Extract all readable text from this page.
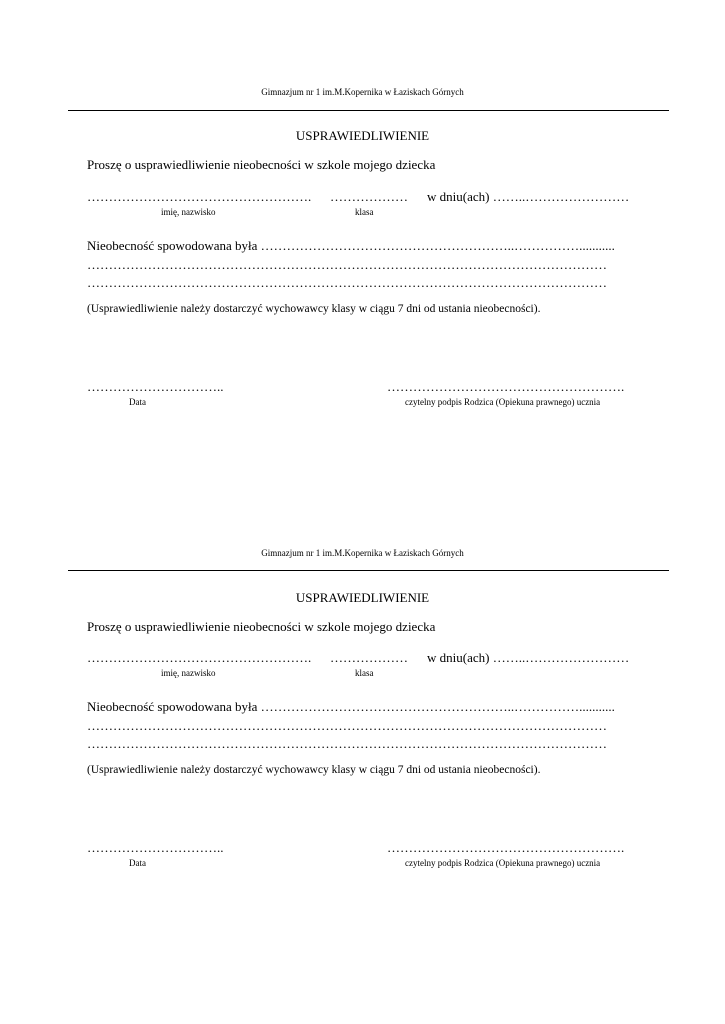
Gimnazjum nr 1 im.M.Kopernika w Łaziskach Górnych
USPRAWIEDLIWIENIE
Proszę o usprawiedliwienie nieobecności w szkole mojego dziecka
……………………………………………. ……………… w dniu(ach) ……..……………………
imię, nazwisko	klasa
Nieobecność spowodowana była …………………………………………………..……………...........
…………………………………………………………………………………………………………
…………………………………………………………………………………………………………
(Usprawiedliwienie należy dostarczyć wychowawcy klasy w ciągu 7 dni od ustania nieobecności).
…………………………..	……………………………………………….
Data	czytelny podpis Rodzica (Opiekuna prawnego) ucznia
Gimnazjum nr 1 im.M.Kopernika w Łaziskach Górnych
USPRAWIEDLIWIENIE
Proszę o usprawiedliwienie nieobecności w szkole mojego dziecka
……………………………………………. ……………… w dniu(ach) ……..……………………
imię, nazwisko	klasa
Nieobecność spowodowana była …………………………………………………..……………...........
…………………………………………………………………………………………………………
…………………………………………………………………………………………………………
(Usprawiedliwienie należy dostarczyć wychowawcy klasy w ciągu 7 dni od ustania nieobecności).
…………………………..	……………………………………………….
Data	czytelny podpis Rodzica (Opiekuna prawnego) ucznia
